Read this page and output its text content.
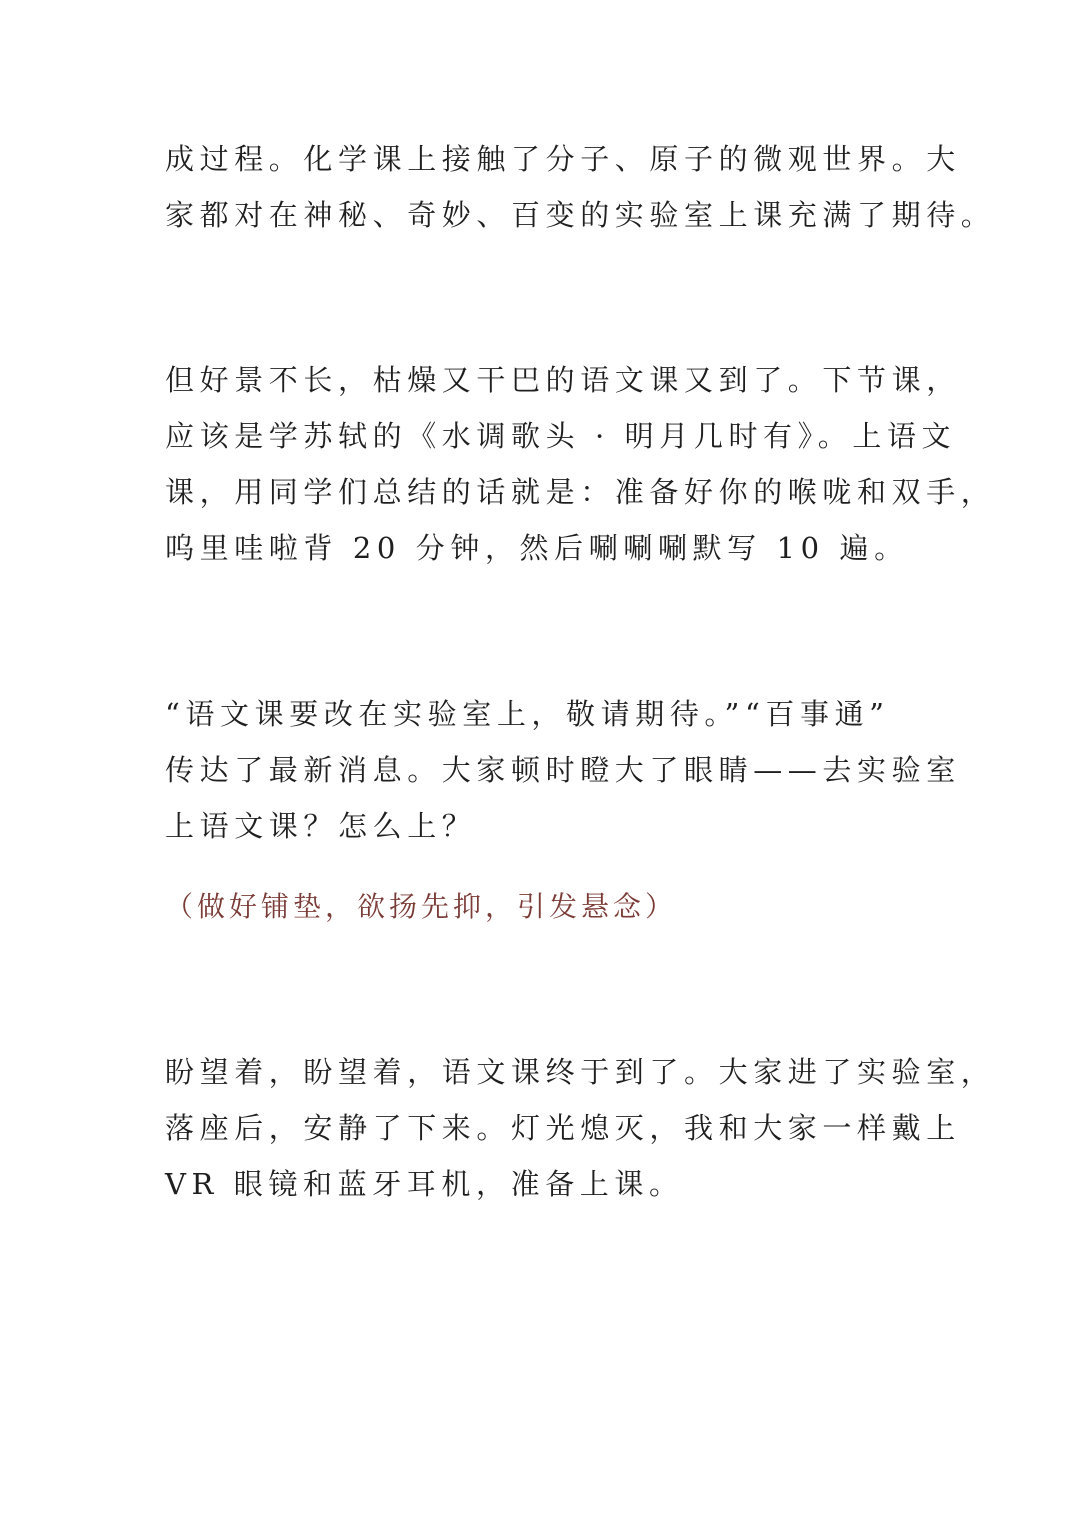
成过程。化学课上接触了分子、原子的微观世界。大
家都对在神秘、奇妙、百变的实验室上课充满了期待。
但好景不长，枯燥又干巴的语文课又到了。下节课，
应该是学苏轼的《水调歌头 · 明月几时有》。上语文
课，用同学们总结的话就是：准备好你的喉咙和双手，
呜里哇啦背 20 分钟，然后唰唰唰默写 10 遍。
“语文课要改在实验室上，敬请期待。”“百事通”
传达了最新消息。大家顿时瞪大了眼睛——去实验室
上语文课？怎么上？
（做好铺垫，欲扬先抑，引发悬念）
盼望着，盼望着，语文课终于到了。大家进了实验室，
落座后，安静了下来。灯光熄灭，我和大家一样戴上
VR 眼镜和蓝牙耳机，准备上课。
